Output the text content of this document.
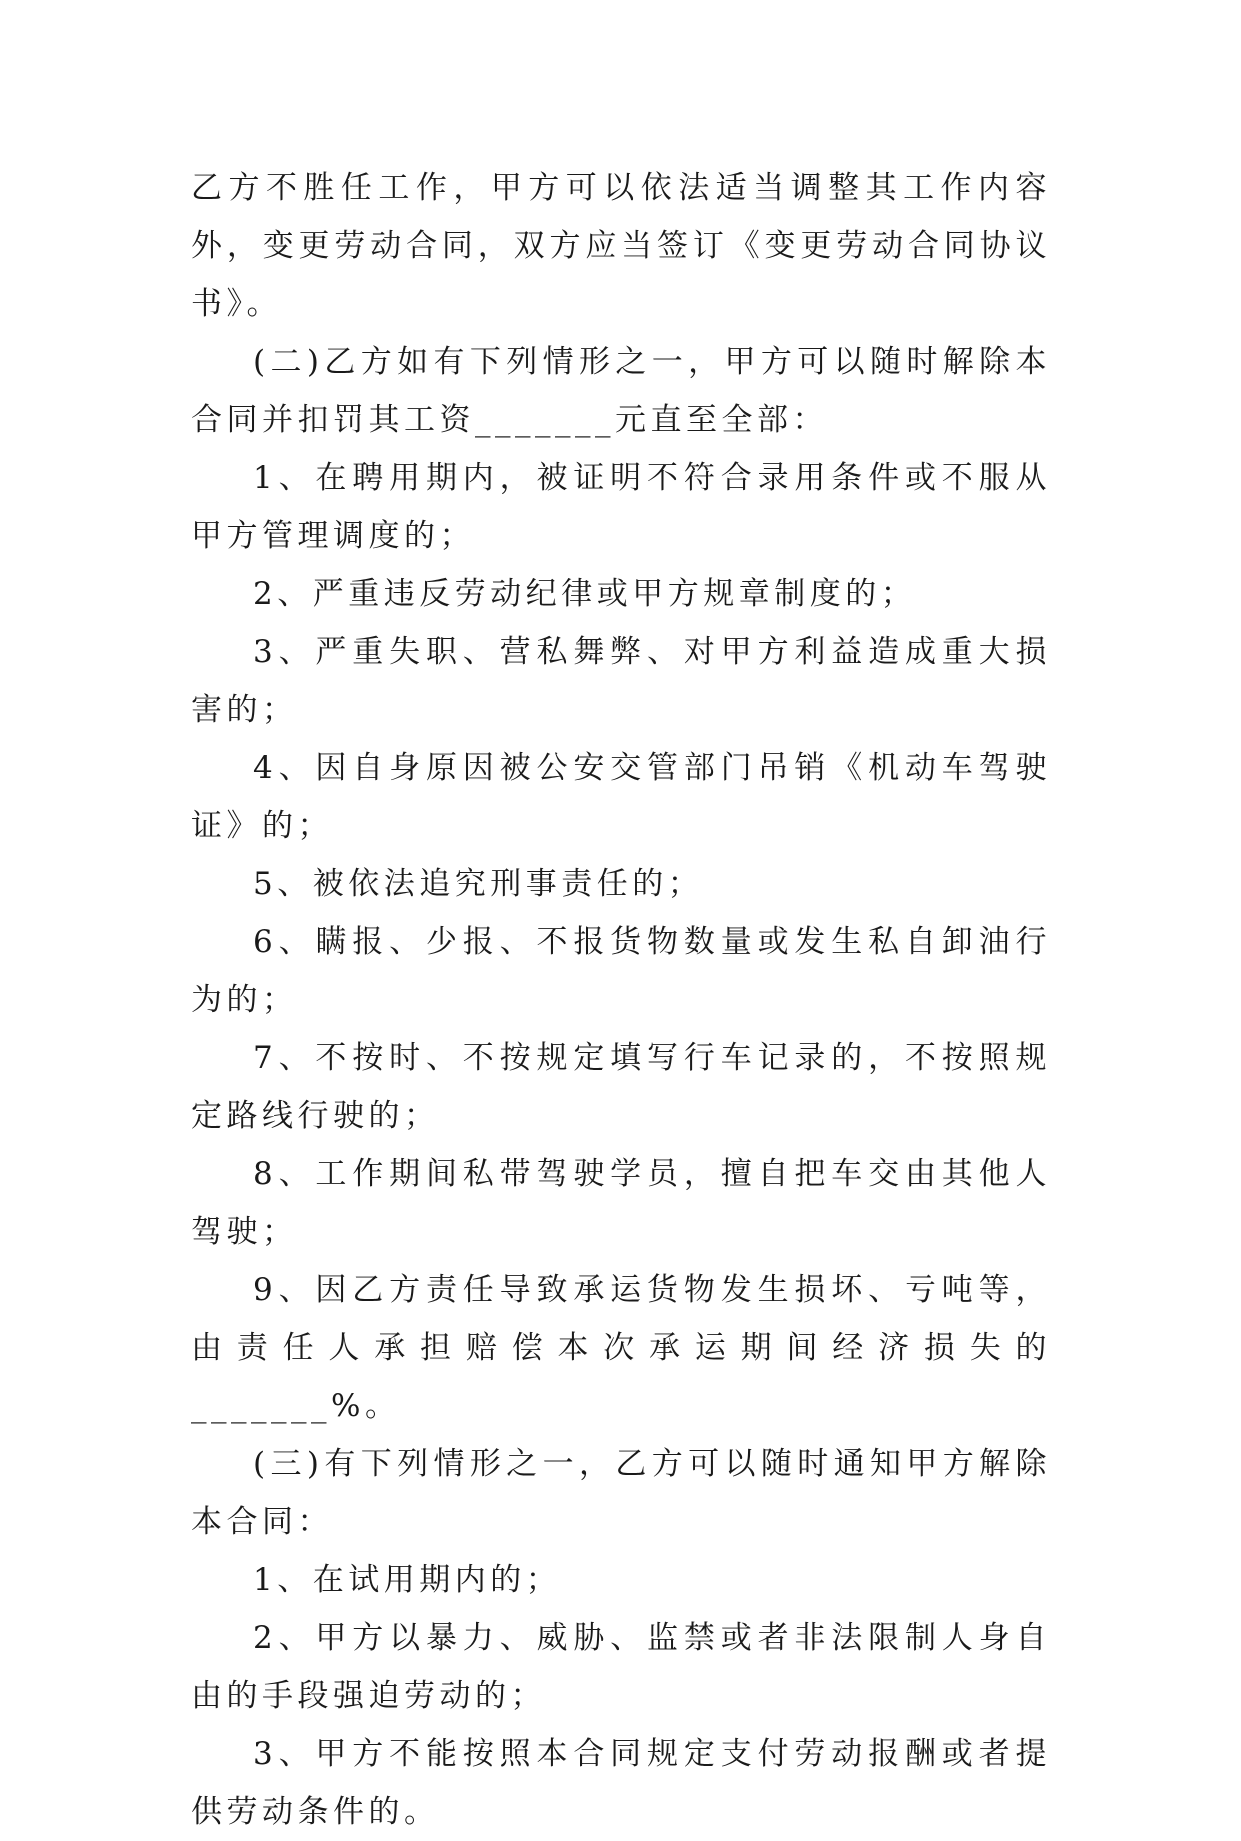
乙方不胜任工作，甲方可以依法适当调整其工作内容外，变更劳动合同，双方应当签订《变更劳动合同协议书》。

(二)乙方如有下列情形之一，甲方可以随时解除本合同并扣罚其工资_______元直至全部：

1、在聘用期内，被证明不符合录用条件或不服从甲方管理调度的；

2、严重违反劳动纪律或甲方规章制度的；

3、严重失职、营私舞弊、对甲方利益造成重大损害的；

4、因自身原因被公安交管部门吊销《机动车驾驶证》的；

5、被依法追究刑事责任的；

6、瞒报、少报、不报货物数量或发生私自卸油行为的；

7、不按时、不按规定填写行车记录的，不按照规定路线行驶的；

8、工作期间私带驾驶学员，擅自把车交由其他人驾驶；

9、因乙方责任导致承运货物发生损坏、亏吨等，由责任人承担赔偿本次承运期间经济损失的_______%。

(三)有下列情形之一，乙方可以随时通知甲方解除本合同：

1、在试用期内的；

2、甲方以暴力、威胁、监禁或者非法限制人身自由的手段强迫劳动的；

3、甲方不能按照本合同规定支付劳动报酬或者提供劳动条件的。
